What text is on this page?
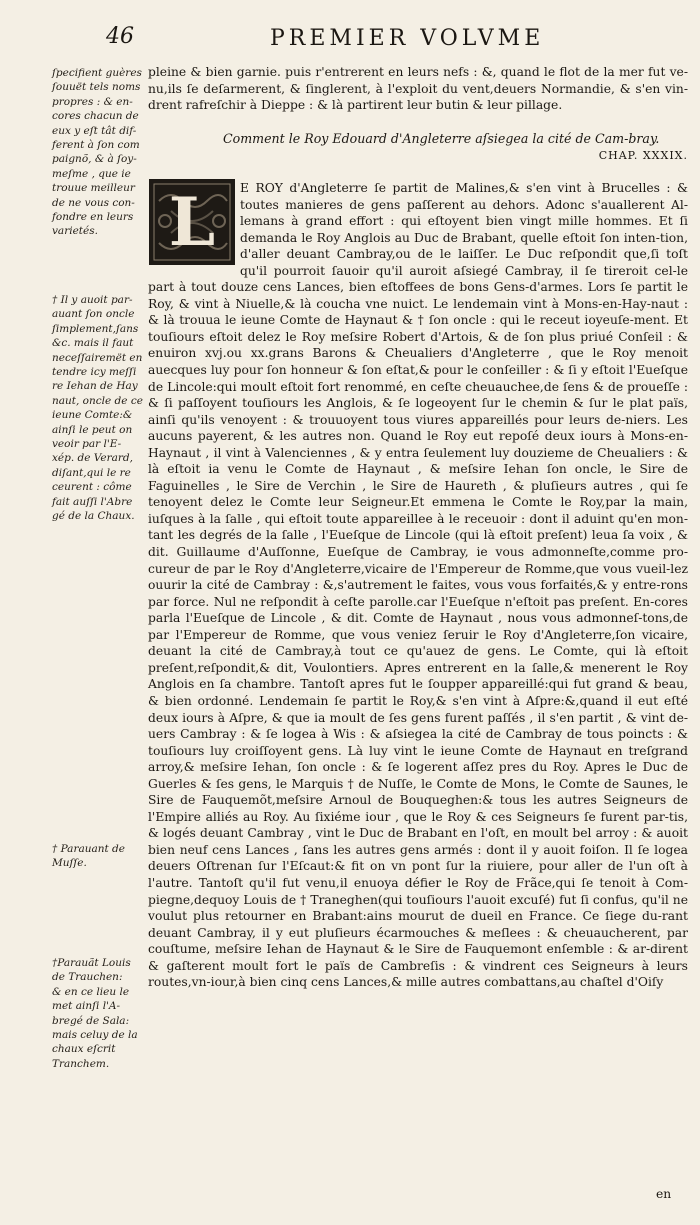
46	PREMIER VOLVME
ſpecifient guères
ſouuët tels noms
propres : & en-
cores chacun de
eux y eſt tât dif-
ferent à ſon com
paignõ, & à ſoy-
meſme , que ie
trouue meilleur
de ne vous con-
fondre en leurs
varietés.
† Il y auoit par-
auant ſon oncle
ſimplement,ſans
&c. mais il faut
neceſſairemët en
tendre icy meſſi
re Iehan de Hay
naut, oncle de ce
ieune Comte:&
ainſi le peut on
veoir par l'E-
xép. de Verard,
diſant,qui le re
ceurent : côme
fait auſſi l'Abre
gé de la Chaux.
† Parauant de
Muſſe.
†Parauãt Louis
de Trauchen:
& en ce lieu le
met ainſi l'A-
bregé de Sala:
mais celuy de la
chaux eſcrit
Tranchem.
pleine & bien garnie. puis r'entrerent en leurs nefs : &, quand le flot de la mer fut ve-nu,ils ſe deſarmerent, & ſinglerent, à l'exploit du vent,deuers Normandie, & s'en vin-drent rafreſchir à Dieppe : & là partirent leur butin & leur pillage.
Comment le Roy Edouard d'Angleterre aſsiegea la cité de Cam-bray.
CHAP. XXXIX.
E ROY d'Angleterre ſe partit de Malines,& s'en vint à Brucelles : & toutes manieres de gens paſſerent au dehors. Adonc s'auallerent Al-lemans à grand effort : qui eſtoyent bien vingt mille hommes. Et ſi demanda le Roy Anglois au Duc de Brabant, quelle eſtoit ſon inten-tion, d'aller deuant Cambray,ou de le laiſſer. Le Duc reſpondit que,ſi toſt qu'il pourroit ſauoir qu'il auroit aſsiegé Cambray, il ſe tireroit cel-le part à tout douze cens Lances, bien eſtoffees de bons Gens-d'armes. Lors ſe partit le Roy, & vint à Niuelle,& là coucha vne nuict. Le lendemain vint à Mons-en-Hay-naut : & là trouua le ieune Comte de Haynaut & † ſon oncle : qui le receut ioyeuſe-ment. Et touſiours eſtoit delez le Roy meſsire Robert d'Artois, & de ſon plus priué Conſeil : & enuiron xvj.ou xx.grans Barons & Cheualiers d'Angleterre , que le Roy menoit auecques luy pour ſon honneur & ſon eſtat,& pour le conſeiller : & ſi y eſtoit l'Eueſque de Lincole:qui moult eſtoit fort renommé, en ceſte cheuauchee,de ſens & de proueſſe : & ſi paſſoyent touſiours les Anglois, & ſe logeoyent ſur le chemin & ſur le plat païs, ainſi qu'ils venoyent : & trouuoyent tous viures appareillés pour leurs de-niers. Les aucuns payerent, & les autres non. Quand le Roy eut repoſé deux iours à Mons-en-Haynaut , il vint à Valenciennes , & y entra ſeulement luy douzieme de Cheualiers : & là eſtoit ia venu le Comte de Haynaut , & meſsire Iehan ſon oncle, le Sire de Faguinelles , le Sire de Verchin , le Sire de Haureth , & pluſieurs autres , qui ſe tenoyent delez le Comte leur Seigneur.Et emmena le Comte le Roy,par la main, iuſques à la ſalle , qui eſtoit toute appareillee à le receuoir : dont il aduint qu'en mon-tant les degrés de la ſalle , l'Eueſque de Lincole (qui là eſtoit preſent) leua ſa voix , & dit. Guillaume d'Auſſonne, Eueſque de Cambray, ie vous admonneſte,comme pro-cureur de par le Roy d'Angleterre,vicaire de l'Empereur de Romme,que vous vueil-lez ouurir la cité de Cambray : &,s'autrement le faites, vous vous forfaités,& y entre-rons par force. Nul ne reſpondit à ceſte parolle.car l'Eueſque n'eſtoit pas preſent. En-cores parla l'Eueſque de Lincole , & dit. Comte de Haynaut , nous vous admonneſ-tons,de par l'Empereur de Romme, que vous veniez ſeruir le Roy d'Angleterre,ſon vicaire, deuant la cité de Cambray,à tout ce qu'auez de gens. Le Comte, qui là eſtoit preſent,reſpondit,& dit, Voulontiers. Apres entrerent en la ſalle,& menerent le Roy Anglois en ſa chambre. Tantoſt apres fut le ſoupper appareillé:qui fut grand & beau, & bien ordonné. Lendemain ſe partit le Roy,& s'en vint à Aſpre:&,quand il eut eſté deux iours à Aſpre, & que ia moult de ſes gens furent paſſés , il s'en partit , & vint de-uers Cambray : & ſe logea à Wis : & aſsiegea la cité de Cambray de tous poincts : & touſiours luy croiſſoyent gens. Là luy vint le ieune Comte de Haynaut en treſgrand arroy,& meſsire Iehan, ſon oncle : & ſe logerent aſſez pres du Roy. Apres le Duc de Guerles & ſes gens, le Marquis † de Nuſſe, le Comte de Mons, le Comte de Saunes, le Sire de Fauquemõt,meſsire Arnoul de Bouqueghen:& tous les autres Seigneurs de l'Empire alliés au Roy. Au ſixiéme iour , que le Roy & ces Seigneurs ſe furent par-tis, & logés deuant Cambray , vint le Duc de Brabant en l'oſt, en moult bel arroy : & auoit bien neuf cens Lances , ſans les autres gens armés : dont il y auoit foiſon. Il ſe logea deuers Oſtrenan ſur l'Eſcaut:& fit on vn pont ſur la riuiere, pour aller de l'un oſt à l'autre. Tantoſt qu'il fut venu,il enuoya défier le Roy de Frãce,qui ſe tenoit à Com-piegne,dequoy Louis de † Traneghen(qui touſiours l'auoit excuſé) fut ſi confus, qu'il ne voulut plus retourner en Brabant:ains mourut de dueil en France. Ce ſiege du-rant deuant Cambray, il y eut pluſieurs écarmouches & meſlees : & cheuaucherent, par couſtume, meſsire Iehan de Haynaut & le Sire de Fauquemont enſemble : & ar-dirent & gaſterent moult fort le païs de Cambreſis : & vindrent ces Seigneurs à leurs routes,vn-iour,à bien cinq cens Lances,& mille autres combattans,au chaſtel d'Oiſy
L
en
